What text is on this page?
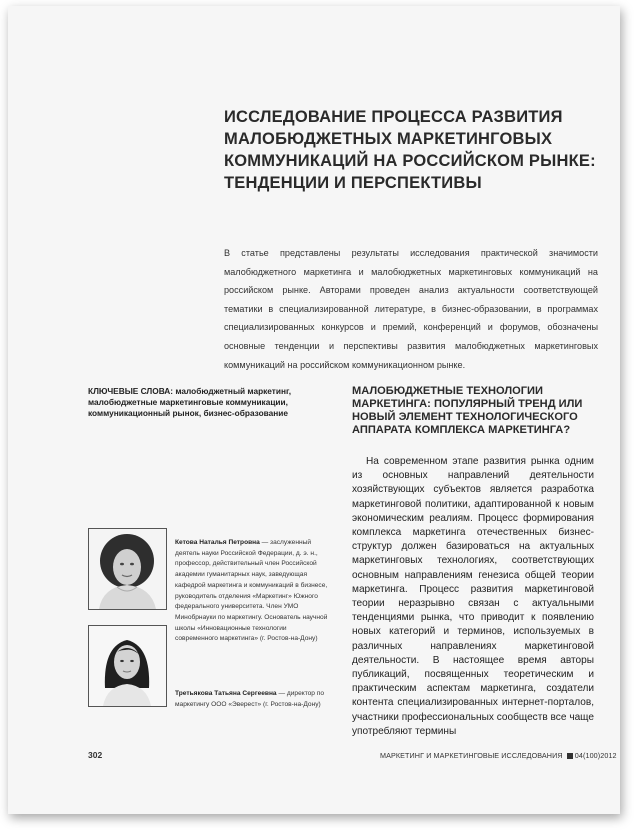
ИССЛЕДОВАНИЕ ПРОЦЕССА РАЗВИТИЯ МАЛОБЮДЖЕТНЫХ МАРКЕТИНГОВЫХ КОММУНИКАЦИЙ НА РОССИЙСКОМ РЫНКЕ: ТЕНДЕНЦИИ И ПЕРСПЕКТИВЫ

В статье представлены результаты исследования практической значимости малобюджетного маркетинга и малобюджетных маркетинговых коммуникаций на российском рынке. Авторами проведен анализ актуальности соответствующей тематики в специализированной литературе, в бизнес-образовании, в программах специализированных конкурсов и премий, конференций и форумов, обозначены основные тенденции и перспективы развития малобюджетных маркетинговых коммуникаций на российском коммуникационном рынке.

КЛЮЧЕВЫЕ СЛОВА: малобюджетный маркетинг, малобюджетные маркетинговые коммуникации, коммуникационный рынок, бизнес-образование

МАЛОБЮДЖЕТНЫЕ ТЕХНОЛОГИИ МАРКЕТИНГА: ПОПУЛЯРНЫЙ ТРЕНД ИЛИ НОВЫЙ ЭЛЕМЕНТ ТЕХНОЛОГИЧЕСКОГО АППАРАТА КОМПЛЕКСА МАРКЕТИНГА?

На современном этапе развития рынка одним из основных направлений деятельности хозяйствующих субъектов является разработка маркетинговой политики, адаптированной к новым экономическим реалиям. Процесс формирования комплекса маркетинга отечественных бизнес-структур должен базироваться на актуальных маркетинговых технологиях, соответствующих основным направлениям генезиса общей теории маркетинга. Процесс развития маркетинговой теории неразрывно связан с актуальными тенденциями рынка, что приводит к появлению новых категорий и терминов, используемых в различных направлениях маркетинговой деятельности. В настоящее время авторы публикаций, посвященных теоретическим и практическим аспектам маркетинга, создатели контента специализированных интернет-порталов, участники профессиональных сообществ все чаще употребляют термины

Кетова Наталья Петровна — заслуженный деятель науки Российской Федерации, д. э. н., профессор, действительный член Российской академии гуманитарных наук, заведующая кафедрой маркетинга и коммуникаций в бизнесе, руководитель отделения «Маркетинг» Южного федерального университета. Член УМО Минобрнауки по маркетингу. Основатель научной школы «Инновационные технологии современного маркетинга» (г. Ростов-на-Дону)

Третьякова Татьяна Сергеевна — директор по маркетингу ООО «Эверест» (г. Ростов-на-Дону)

302	МАРКЕТИНГ И МАРКЕТИНГОВЫЕ ИССЛЕДОВАНИЯ 04(100)2012
